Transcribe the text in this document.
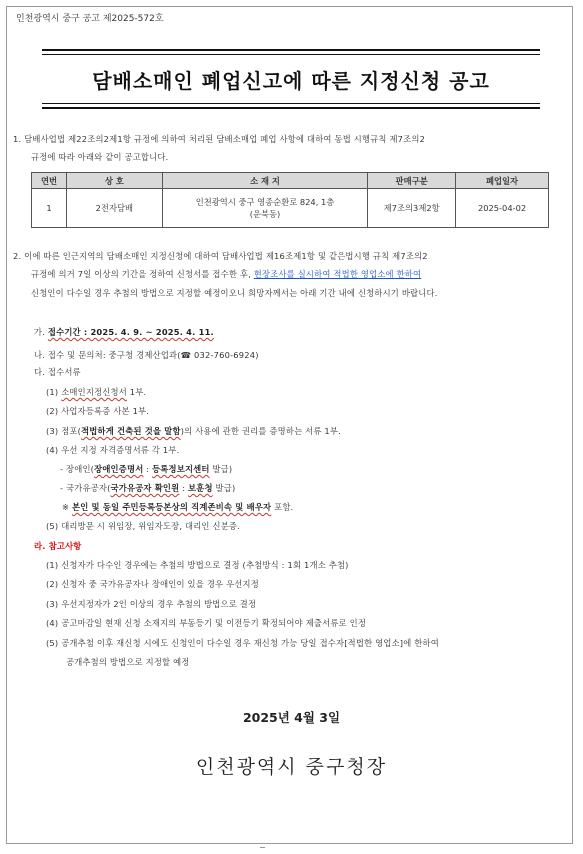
인천광역시 중구 공고 제2025-572호
담배소매인 폐업신고에 따른 지정신청 공고
1. 담배사업법 제22조의2제1항 규정에 의하여 처리된 담배소매업 폐업 사항에 대하여 동법 시행규칙 제7조의2
규정에 따라 아래와 같이 공고합니다.
연번	상 호	소 재 지	판매구분	폐업일자
1	2전자담배	인천광역시 중구 영종순환로 824, 1층
(운북동)	제7조의3제2항	2025-04-02
2. 이에 따른 인근지역의 담배소매인 지정신청에 대하여 담배사업법 제16조제1항 및 같은법시행 규칙 제7조의2
규정에 의거 7일 이상의 기간을 정하여 신청서를 접수한 후, 현장조사를 실시하여 적법한 영업소에 한하여
신청인이 다수일 경우 추첨의 방법으로 지정할 예정이오니 희망자께서는 아래 기간 내에 신청하시기 바랍니다.
가. 접수기간 : 2025. 4. 9. ~ 2025. 4. 11.
나. 접수 및 문의처: 중구청 경제산업과(☎ 032-760-6924)
다. 접수서류
(1) 소매인지정신청서 1부.
(2) 사업자등록증 사본 1부.
(3) 점포(적법하게 건축된 것을 말함)의 사용에 관한 권리를 증명하는 서류 1부.
(4) 우선 지정 자격증명서류 각 1부.
- 장애인(장애인증명서 : 등록정보지센터 발급)
- 국가유공자(국가유공자 확인원 : 보훈청 발급)
※ 본인 및 동일 주민등록등본상의 직계존비속 및 배우자 포함.
(5) 대리방문 시 위임장, 위임자도장, 대리인 신분증.
라. 참고사항
(1) 신청자가 다수인 경우에는 추첨의 방법으로 결정 (추첨방식 : 1회 1개소 추첨)
(2) 신청자 중 국가유공자나 장애인이 있을 경우 우선지정
(3) 우선지정자가 2인 이상의 경우 추첨의 방법으로 결정
(4) 공고마감일 현재 신청 소재지의 부동등기 및 이전등기 확정되어야 제출서류로 인정
(5) 공개추첨 이후 재신청 시에도 신청인이 다수일 경우 재신청 가능 당일 접수자[적법한 영업소]에 한하여
공개추첨의 방법으로 지정할 예정
2025년 4월 3일
인천광역시 중구청장
